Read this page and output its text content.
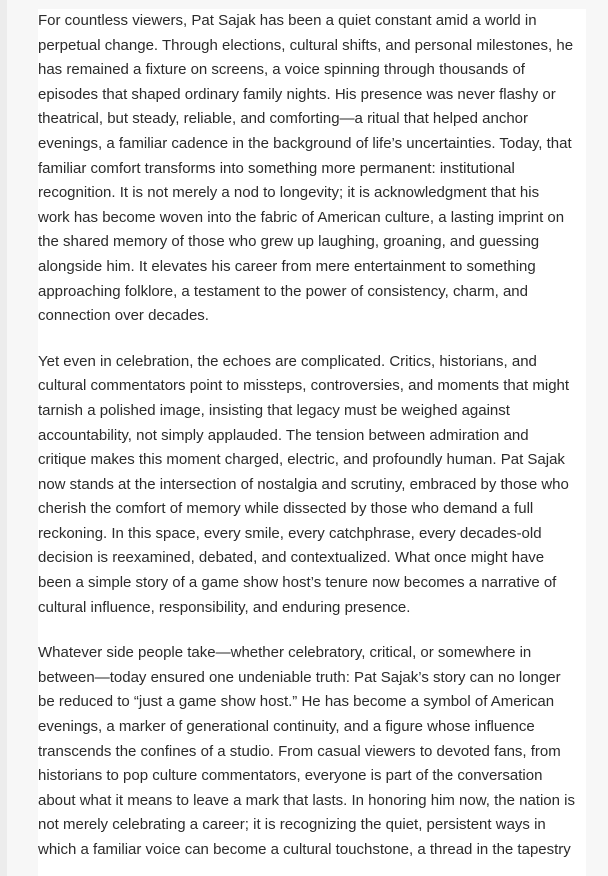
For countless viewers, Pat Sajak has been a quiet constant amid a world in
perpetual change. Through elections, cultural shifts, and personal milestones, he
has remained a fixture on screens, a voice spinning through thousands of
episodes that shaped ordinary family nights. His presence was never flashy or
theatrical, but steady, reliable, and comforting—a ritual that helped anchor
evenings, a familiar cadence in the background of life’s uncertainties. Today, that
familiar comfort transforms into something more permanent: institutional
recognition. It is not merely a nod to longevity; it is acknowledgment that his
work has become woven into the fabric of American culture, a lasting imprint on
the shared memory of those who grew up laughing, groaning, and guessing
alongside him. It elevates his career from mere entertainment to something
approaching folklore, a testament to the power of consistency, charm, and
connection over decades.

Yet even in celebration, the echoes are complicated. Critics, historians, and
cultural commentators point to missteps, controversies, and moments that might
tarnish a polished image, insisting that legacy must be weighed against
accountability, not simply applauded. The tension between admiration and
critique makes this moment charged, electric, and profoundly human. Pat Sajak
now stands at the intersection of nostalgia and scrutiny, embraced by those who
cherish the comfort of memory while dissected by those who demand a full
reckoning. In this space, every smile, every catchphrase, every decades-old
decision is reexamined, debated, and contextualized. What once might have
been a simple story of a game show host’s tenure now becomes a narrative of
cultural influence, responsibility, and enduring presence.

Whatever side people take—whether celebratory, critical, or somewhere in
between—today ensured one undeniable truth: Pat Sajak’s story can no longer
be reduced to “just a game show host.” He has become a symbol of American
evenings, a marker of generational continuity, and a figure whose influence
transcends the confines of a studio. From casual viewers to devoted fans, from
historians to pop culture commentators, everyone is part of the conversation
about what it means to leave a mark that lasts. In honoring him now, the nation is
not merely celebrating a career; it is recognizing the quiet, persistent ways in
which a familiar voice can become a cultural touchstone, a thread in the tapestry
